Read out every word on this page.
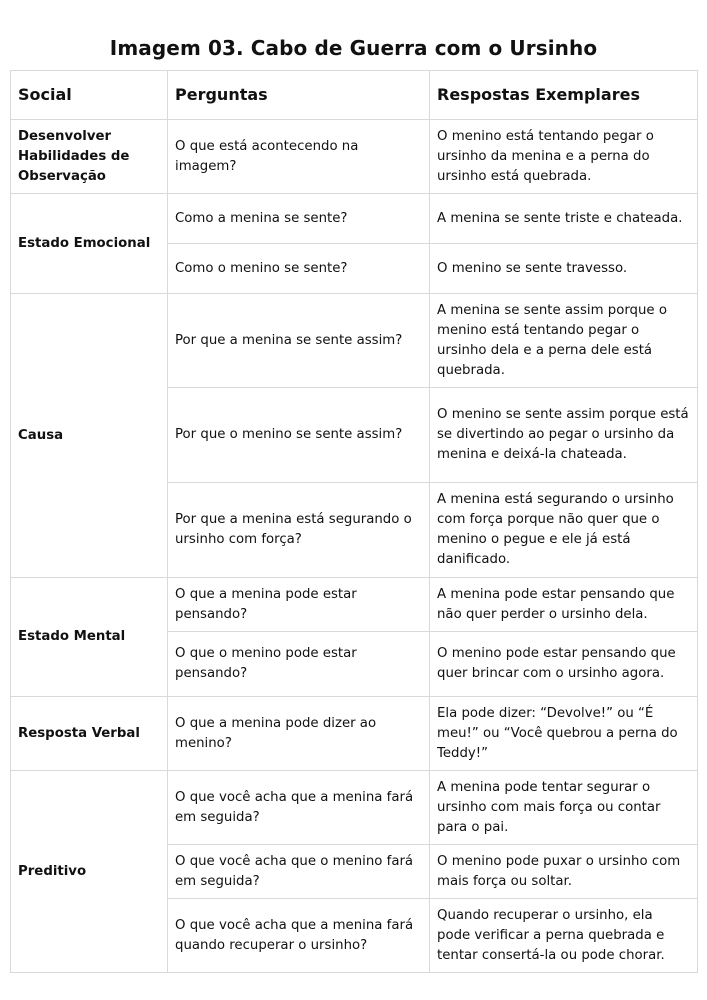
Imagem 03. Cabo de Guerra com o Ursinho
Social	Perguntas	Respostas Exemplares
Desenvolver Habilidades de Observação	O que está acontecendo na imagem?	O menino está tentando pegar o ursinho da menina e a perna do ursinho está quebrada.
Estado Emocional	Como a menina se sente?	A menina se sente triste e chateada.
	Como o menino se sente?	O menino se sente travesso.
Causa	Por que a menina se sente assim?	A menina se sente assim porque o menino está tentando pegar o ursinho dela e a perna dele está quebrada.
	Por que o menino se sente assim?	O menino se sente assim porque está se divertindo ao pegar o ursinho da menina e deixá-la chateada.
	Por que a menina está segurando o ursinho com força?	A menina está segurando o ursinho com força porque não quer que o menino o pegue e ele já está danificado.
Estado Mental	O que a menina pode estar pensando?	A menina pode estar pensando que não quer perder o ursinho dela.
	O que o menino pode estar pensando?	O menino pode estar pensando que quer brincar com o ursinho agora.
Resposta Verbal	O que a menina pode dizer ao menino?	Ela pode dizer: “Devolve!” ou “É meu!” ou “Você quebrou a perna do Teddy!”
Preditivo	O que você acha que a menina fará em seguida?	A menina pode tentar segurar o ursinho com mais força ou contar para o pai.
	O que você acha que o menino fará em seguida?	O menino pode puxar o ursinho com mais força ou soltar.
	O que você acha que a menina fará quando recuperar o ursinho?	Quando recuperar o ursinho, ela pode verificar a perna quebrada e tentar consertá-la ou pode chorar.
